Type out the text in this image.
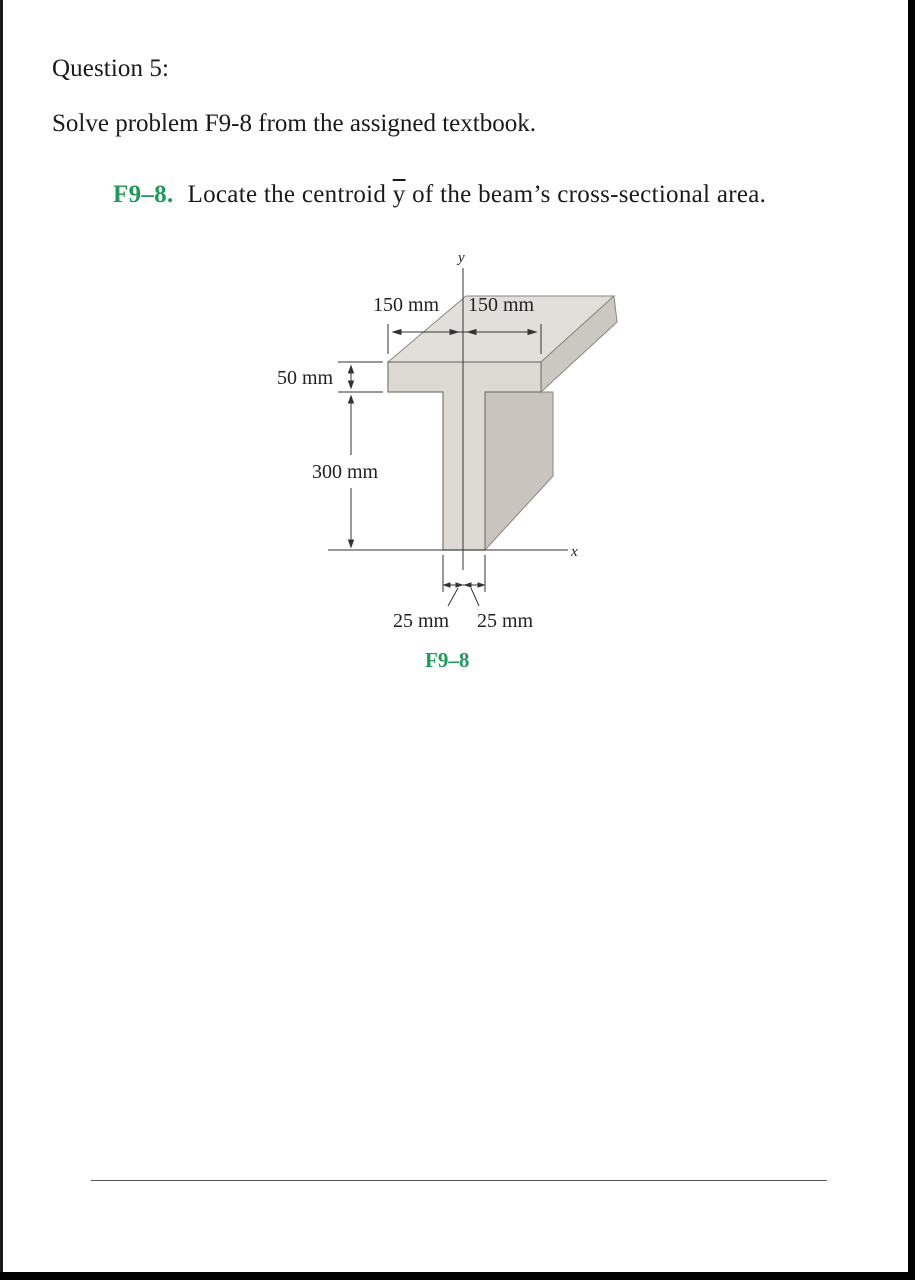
Question 5:
Solve problem F9-8 from the assigned textbook.
F9–8. Locate the centroid $\overline{y}$ of the beam’s cross-sectional area.
y
x
150 mm 150 mm
50 mm
300 mm
25 mm 25 mm
F9–8
